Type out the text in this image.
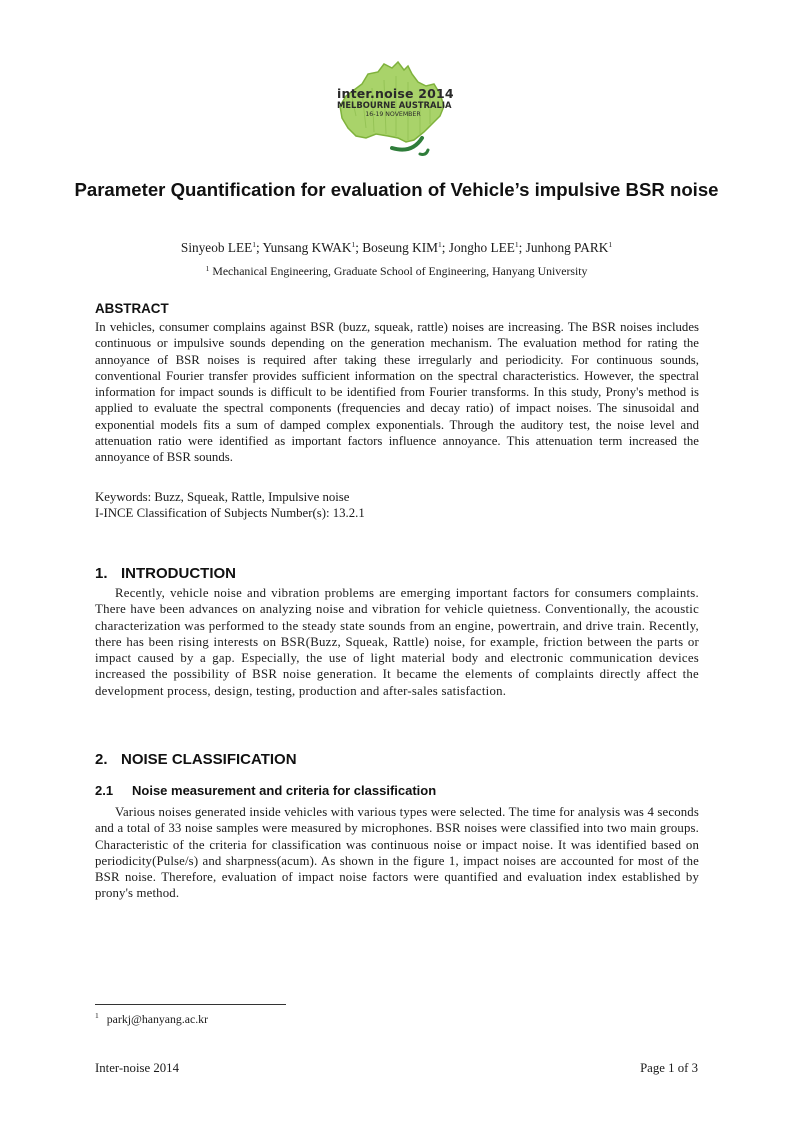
inter.noise 2014
MELBOURNE AUSTRALIA
16-19 NOVEMBER
Parameter Quantification for evaluation of Vehicle’s impulsive BSR noise
Sinyeob LEE$^1$; Yunsang KWAK$^1$; Boseung KIM$^1$; Jongho LEE$^1$; Junhong PARK$^1$
$^1$ Mechanical Engineering, Graduate School of Engineering, Hanyang University
ABSTRACT

In vehicles, consumer complains against BSR (buzz, squeak, rattle) noises are increasing. The BSR noises includes continuous or impulsive sounds depending on the generation mechanism. The evaluation method for rating the annoyance of BSR noises is required after taking these irregularly and periodicity. For continuous sounds, conventional Fourier transfer provides sufficient information on the spectral characteristics. However, the spectral information for impact sounds is difficult to be identified from Fourier transforms. In this study, Prony's method is applied to evaluate the spectral components (frequencies and decay ratio) of impact noises. The sinusoidal and exponential models fits a sum of damped complex exponentials. Through the auditory test, the noise level and attenuation ratio were identified as important factors influence annoyance. This attenuation term increased the annoyance of BSR sounds.

Keywords: Buzz, Squeak, Rattle, Impulsive noise
I-INCE Classification of Subjects Number(s): 13.2.1
1. INTRODUCTION

Recently, vehicle noise and vibration problems are emerging important factors for consumers complaints. There have been advances on analyzing noise and vibration for vehicle quietness. Conventionally, the acoustic characterization was performed to the steady state sounds from an engine, powertrain, and drive train. Recently, there has been rising interests on BSR(Buzz, Squeak, Rattle) noise, for example, friction between the parts or impact caused by a gap. Especially, the use of light material body and electronic communication devices increased the possibility of BSR noise generation. It became the elements of complaints directly affect the development process, design, testing, production and after-sales satisfaction.

2. NOISE CLASSIFICATION
2.1 Noise measurement and criteria for classification

Various noises generated inside vehicles with various types were selected. The time for analysis was 4 seconds and a total of 33 noise samples were measured by microphones. BSR noises were classified into two main groups. Characteristic of the criteria for classification was continuous noise or impact noise. It was identified based on periodicity(Pulse/s) and sharpness(acum). As shown in the figure 1, impact noises are accounted for most of the BSR noise. Therefore, evaluation of impact noise factors were quantified and evaluation index established by prony's method.

$^1$ parkj@hanyang.ac.kr
Inter-noise 2014	Page 1 of 3
